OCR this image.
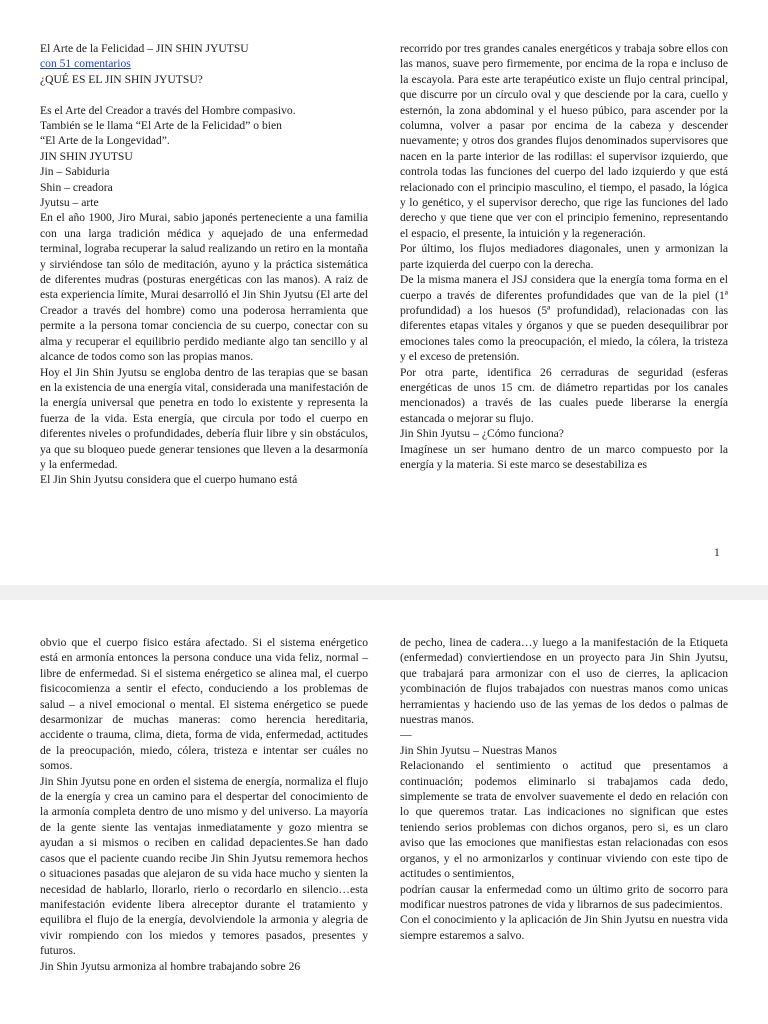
El Arte de la Felicidad – JIN SHIN JYUTSU

con 51 comentarios

¿QUÉ ES EL JIN SHIN JYUTSU?

Es el Arte del Creador a través del Hombre compasivo.

También se le llama “El Arte de la Felicidad” o bien

“El Arte de la Longevidad”.

JIN SHIN JYUTSU

Jin – Sabiduria

Shin – creadora

Jyutsu – arte

En el año 1900, Jiro Murai, sabio japonés perteneciente a una familia con una larga tradición médica y aquejado de una enfermedad terminal, lograba recuperar la salud realizando un retiro en la montaña y sirviéndose tan sólo de meditación, ayuno y la práctica sistemática de diferentes mudras (posturas energéticas con las manos). A raiz de esta experiencia límite, Murai desarrolló el Jin Shin Jyutsu (El arte del Creador a través del hombre) como una poderosa herramienta que permite a la persona tomar conciencia de su cuerpo, conectar con su alma y recuperar el equilibrio perdido mediante algo tan sencillo y al alcance de todos como son las propias manos.

Hoy el Jin Shin Jyutsu se engloba dentro de las terapias que se basan en la existencia de una energía vital, considerada una manifestación de la energía universal que penetra en todo lo existente y representa la fuerza de la vida. Esta energía, que circula por todo el cuerpo en diferentes niveles o profundidades, debería fluir libre y sin obstáculos, ya que su bloqueo puede generar tensiones que lleven a la desarmonía y la enfermedad.

El Jin Shin Jyutsu considera que el cuerpo humano está

recorrido por tres grandes canales energéticos y trabaja sobre ellos con las manos, suave pero firmemente, por encima de la ropa e incluso de la escayola. Para este arte terapéutico existe un flujo central principal, que discurre por un círculo oval y que desciende por la cara, cuello y esternón, la zona abdominal y el hueso púbico, para ascender por la columna, volver a pasar por encima de la cabeza y descender nuevamente; y otros dos grandes flujos denominados supervisores que nacen en la parte interior de las rodillas: el supervisor izquierdo, que controla todas las funciones del cuerpo del lado izquierdo y que está relacionado con el principio masculino, el tiempo, el pasado, la lógica y lo genético, y el supervisor derecho, que rige las funciones del lado derecho y que tiene que ver con el principio femenino, representando el espacio, el presente, la intuición y la regeneración.

Por último, los flujos mediadores diagonales, unen y armonizan la parte izquierda del cuerpo con la derecha.

De la misma manera el JSJ considera que la energía toma forma en el cuerpo a través de diferentes profundidades que van de la piel (1ª profundidad) a los huesos (5ª profundidad), relacionadas con las diferentes etapas vitales y órganos y que se pueden desequilibrar por emociones tales como la preocupación, el miedo, la cólera, la tristeza y el exceso de pretensión.

Por otra parte, identifica 26 cerraduras de seguridad (esferas energéticas de unos 15 cm. de diámetro repartidas por los canales mencionados) a través de las cuales puede liberarse la energía estancada o mejorar su flujo.

Jin Shin Jyutsu – ¿Cómo funciona?

Imagínese un ser humano dentro de un marco compuesto por la energía y la materia. Si este marco se desestabiliza es

1

obvio que el cuerpo fisico estára afectado. Si el sistema enérgetico está en armonía entonces la persona conduce una vida feliz, normal – libre de enfermedad. Si el sistema enérgetico se alinea mal, el cuerpo fisicocomienza a sentir el efecto, conduciendo a los problemas de salud – a nivel emocional o mental. El sistema enérgetico se puede desarmonizar de muchas maneras: como herencia hereditaria, accidente o trauma, clima, dieta, forma de vida, enfermedad, actitudes de la preocupación, miedo, cólera, tristeza e intentar ser cuáles no somos.

Jin Shin Jyutsu pone en orden el sistema de energía, normaliza el flujo de la energía y crea un camino para el despertar del conocimiento de la armonía completa dentro de uno mismo y del universo. La mayoría de la gente siente las ventajas inmediatamente y gozo mientra se ayudan a si mismos o reciben en calidad depacientes.Se han dado casos que el paciente cuando recibe Jin Shin Jyutsu rememora hechos o situaciones pasadas que alejaron de su vida hace mucho y sienten la necesidad de hablarlo, llorarlo, rierlo o recordarlo en silencio…esta manifestación evidente libera alreceptor durante el tratamiento y equilibra el flujo de la energía, devolviendole la armonia y alegria de vivir rompiendo con los miedos y temores pasados, presentes y futuros.

Jin Shin Jyutsu armoniza al hombre trabajando sobre 26

de pecho, linea de cadera…y luego a la manifestación de la Etiqueta (enfermedad) conviertiendose en un proyecto para Jin Shin Jyutsu, que trabajará para armonizar con el uso de cierres, la aplicacion ycombinación de flujos trabajados con nuestras manos como unicas herramientas y haciendo uso de las yemas de los dedos o palmas de nuestras manos.

—

Jin Shin Jyutsu – Nuestras Manos

Relacionando el sentimiento o actitud que presentamos a continuación; podemos eliminarlo si trabajamos cada dedo, simplemente se trata de envolver suavemente el dedo en relación con lo que queremos tratar. Las indicaciones no significan que estes teniendo serios problemas con dichos organos, pero si, es un claro aviso que las emociones que manifiestas estan relacionadas con esos organos, y el no armonizarlos y continuar viviendo con este tipo de actitudes o sentimientos,

podrían causar la enfermedad como un último grito de socorro para modificar nuestros patrones de vida y librarnos de sus padecimientos.

Con el conocimiento y la aplicación de Jin Shin Jyutsu en nuestra vida siempre estaremos a salvo.
